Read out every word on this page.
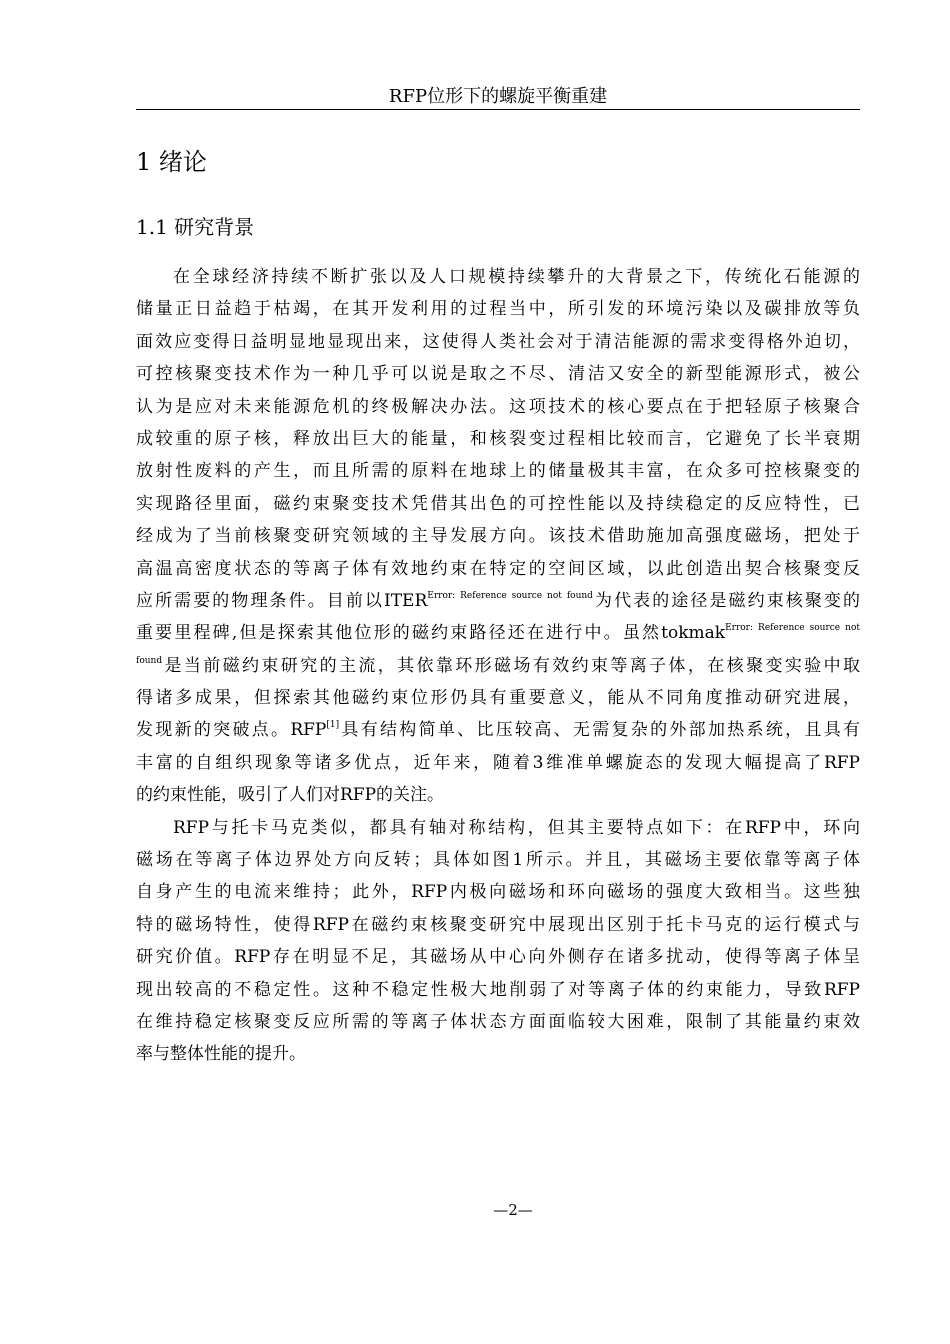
RFP位形下的螺旋平衡重建
1 绪论
1.1 研究背景
在全球经济持续不断扩张以及人口规模持续攀升的大背景之下，传统化石能源的
储量正日益趋于枯竭，在其开发利用的过程当中，所引发的环境污染以及碳排放等负
面效应变得日益明显地显现出来，这使得人类社会对于清洁能源的需求变得格外迫切，
可控核聚变技术作为一种几乎可以说是取之不尽、清洁又安全的新型能源形式，被公
认为是应对未来能源危机的终极解决办法。这项技术的核心要点在于把轻原子核聚合
成较重的原子核，释放出巨大的能量，和核裂变过程相比较而言，它避免了长半衰期
放射性废料的产生，而且所需的原料在地球上的储量极其丰富，在众多可控核聚变的
实现路径里面，磁约束聚变技术凭借其出色的可控性能以及持续稳定的反应特性，已
经成为了当前核聚变研究领域的主导发展方向。该技术借助施加高强度磁场，把处于
高温高密度状态的等离子体有效地约束在特定的空间区域，以此创造出契合核聚变反
应所需要的物理条件。目前以$ITER^{Error: Reference source not found}$为代表的途径是磁约束核聚变的
重要里程碑,但是探索其他位形的磁约束路径还在进行中。虽然tokmak$^{Error: Reference source not}$
$^{found}$是当前磁约束研究的主流，其依靠环形磁场有效约束等离子体，在核聚变实验中取
得诸多成果，但探索其他磁约束位形仍具有重要意义，能从不同角度推动研究进展，
发现新的突破点。RFP[1]具有结构简单、比压较高、无需复杂的外部加热系统，且具有
丰富的自组织现象等诸多优点，近年来，随着3维准单螺旋态的发现大幅提高了RFP
的约束性能，吸引了人们对RFP的关注。
RFP与托卡马克类似，都具有轴对称结构，但其主要特点如下：在RFP中，环向
磁场在等离子体边界处方向反转；具体如图1所示。并且，其磁场主要依靠等离子体
自身产生的电流来维持；此外，RFP内极向磁场和环向磁场的强度大致相当。这些独
特的磁场特性，使得RFP在磁约束核聚变研究中展现出区别于托卡马克的运行模式与
研究价值。RFP存在明显不足，其磁场从中心向外侧存在诸多扰动，使得等离子体呈
现出较高的不稳定性。这种不稳定性极大地削弱了对等离子体的约束能力，导致RFP
在维持稳定核聚变反应所需的等离子体状态方面面临较大困难，限制了其能量约束效
率与整体性能的提升。
—2—
